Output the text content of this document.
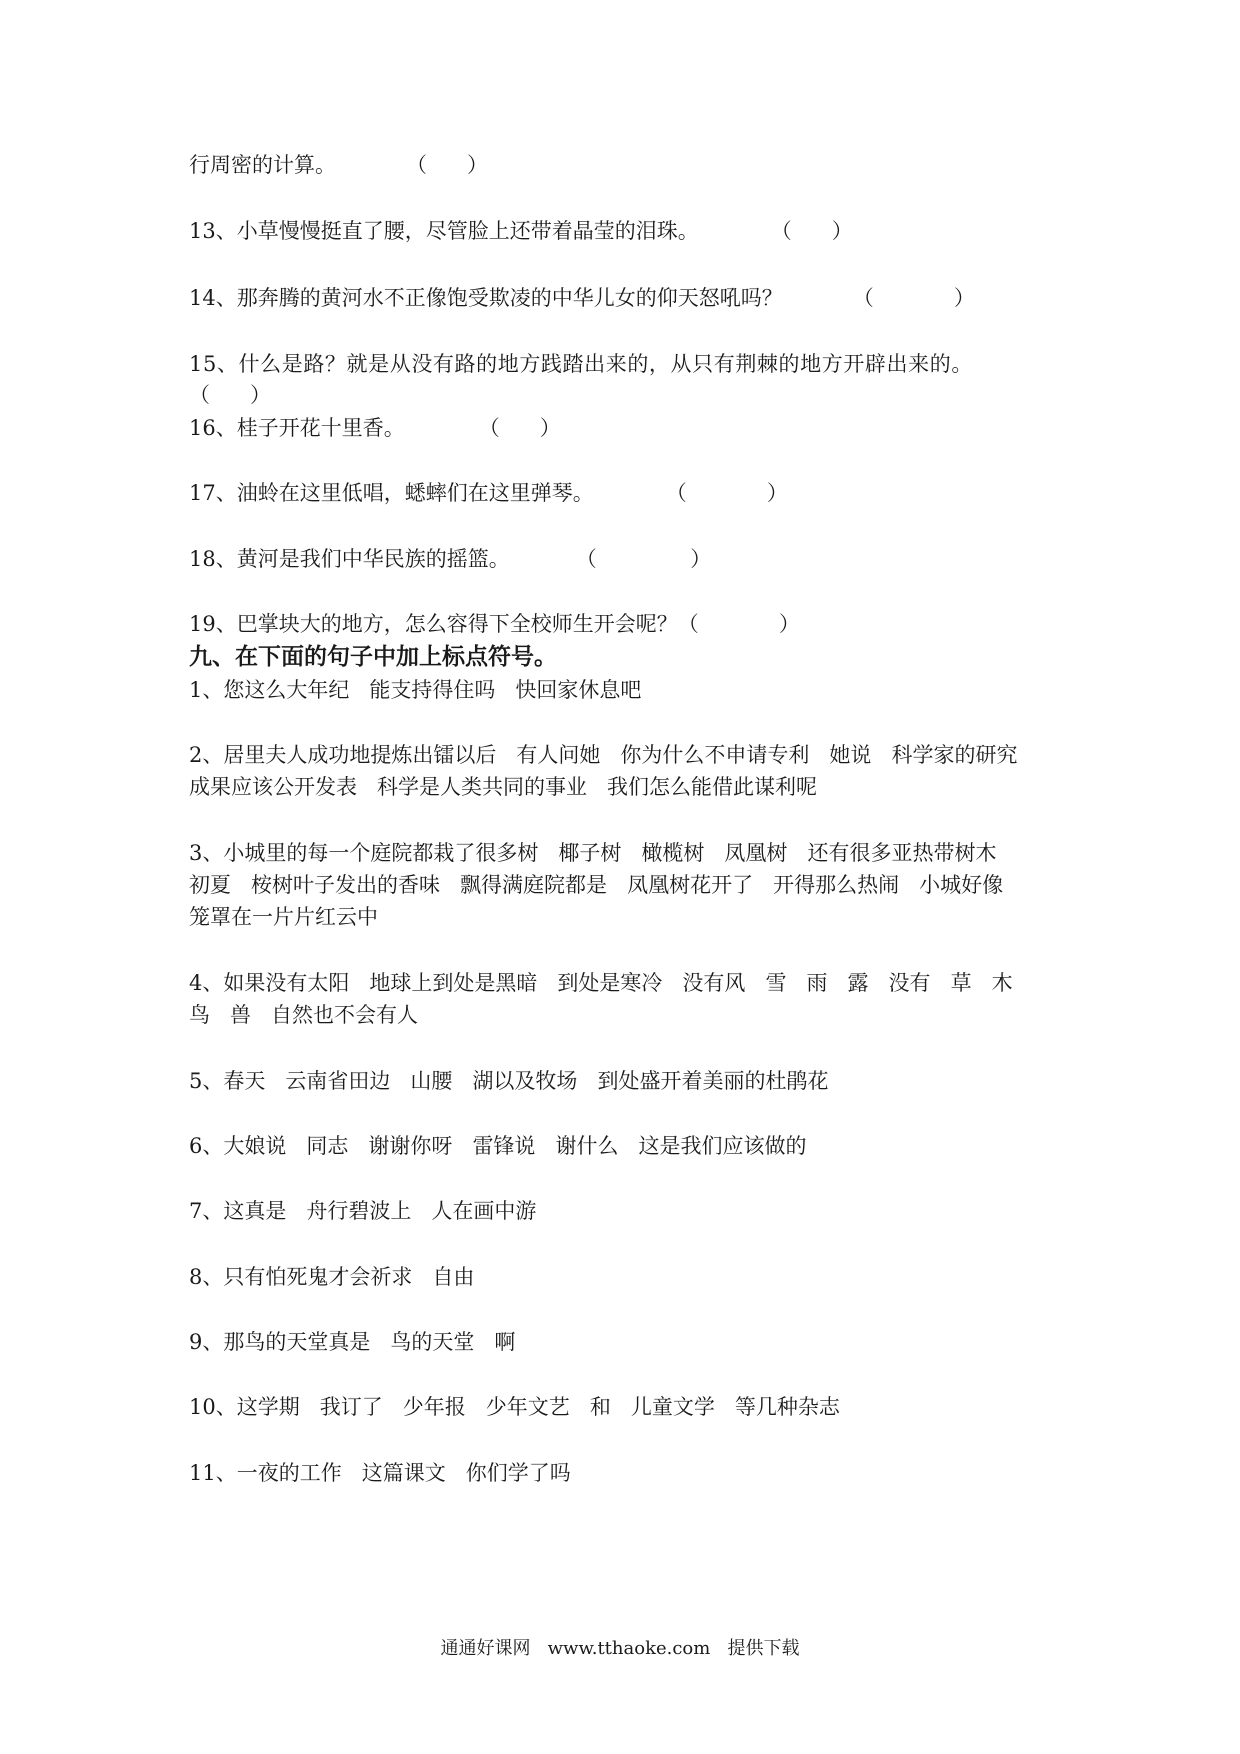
行周密的计算。	（      ）
13、小草慢慢挺直了腰，尽管脸上还带着晶莹的泪珠。	（      ）
14、那奔腾的黄河水不正像饱受欺凌的中华儿女的仰天怒吼吗？	（            ）
15、什么是路？就是从没有路的地方践踏出来的，从只有荆棘的地方开辟出来的。
（      ）
16、桂子开花十里香。	（      ）
17、油蛉在这里低唱，蟋蟀们在这里弹琴。	（            ）
18、黄河是我们中华民族的摇篮。	（              ）
19、巴掌块大的地方，怎么容得下全校师生开会呢？（            ）
九、在下面的句子中加上标点符号。
1、您这么大年纪   能支持得住吗   快回家休息吧
2、居里夫人成功地提炼出镭以后   有人问她   你为什么不申请专利   她说   科学家的研究
成果应该公开发表   科学是人类共同的事业   我们怎么能借此谋利呢
3、小城里的每一个庭院都栽了很多树   椰子树   橄榄树   凤凰树   还有很多亚热带树木
初夏   桉树叶子发出的香味   飘得满庭院都是   凤凰树花开了   开得那么热闹   小城好像
笼罩在一片片红云中
4、如果没有太阳   地球上到处是黑暗   到处是寒冷   没有风   雪   雨   露   没有   草   木
鸟   兽   自然也不会有人
5、春天   云南省田边   山腰   湖以及牧场   到处盛开着美丽的杜鹃花
6、大娘说   同志   谢谢你呀   雷锋说   谢什么   这是我们应该做的
7、这真是   舟行碧波上   人在画中游
8、只有怕死鬼才会祈求   自由
9、那鸟的天堂真是   鸟的天堂   啊
10、这学期   我订了   少年报   少年文艺   和   儿童文学   等几种杂志
11、一夜的工作   这篇课文   你们学了吗
通通好课网   www.tthaoke.com   提供下载
